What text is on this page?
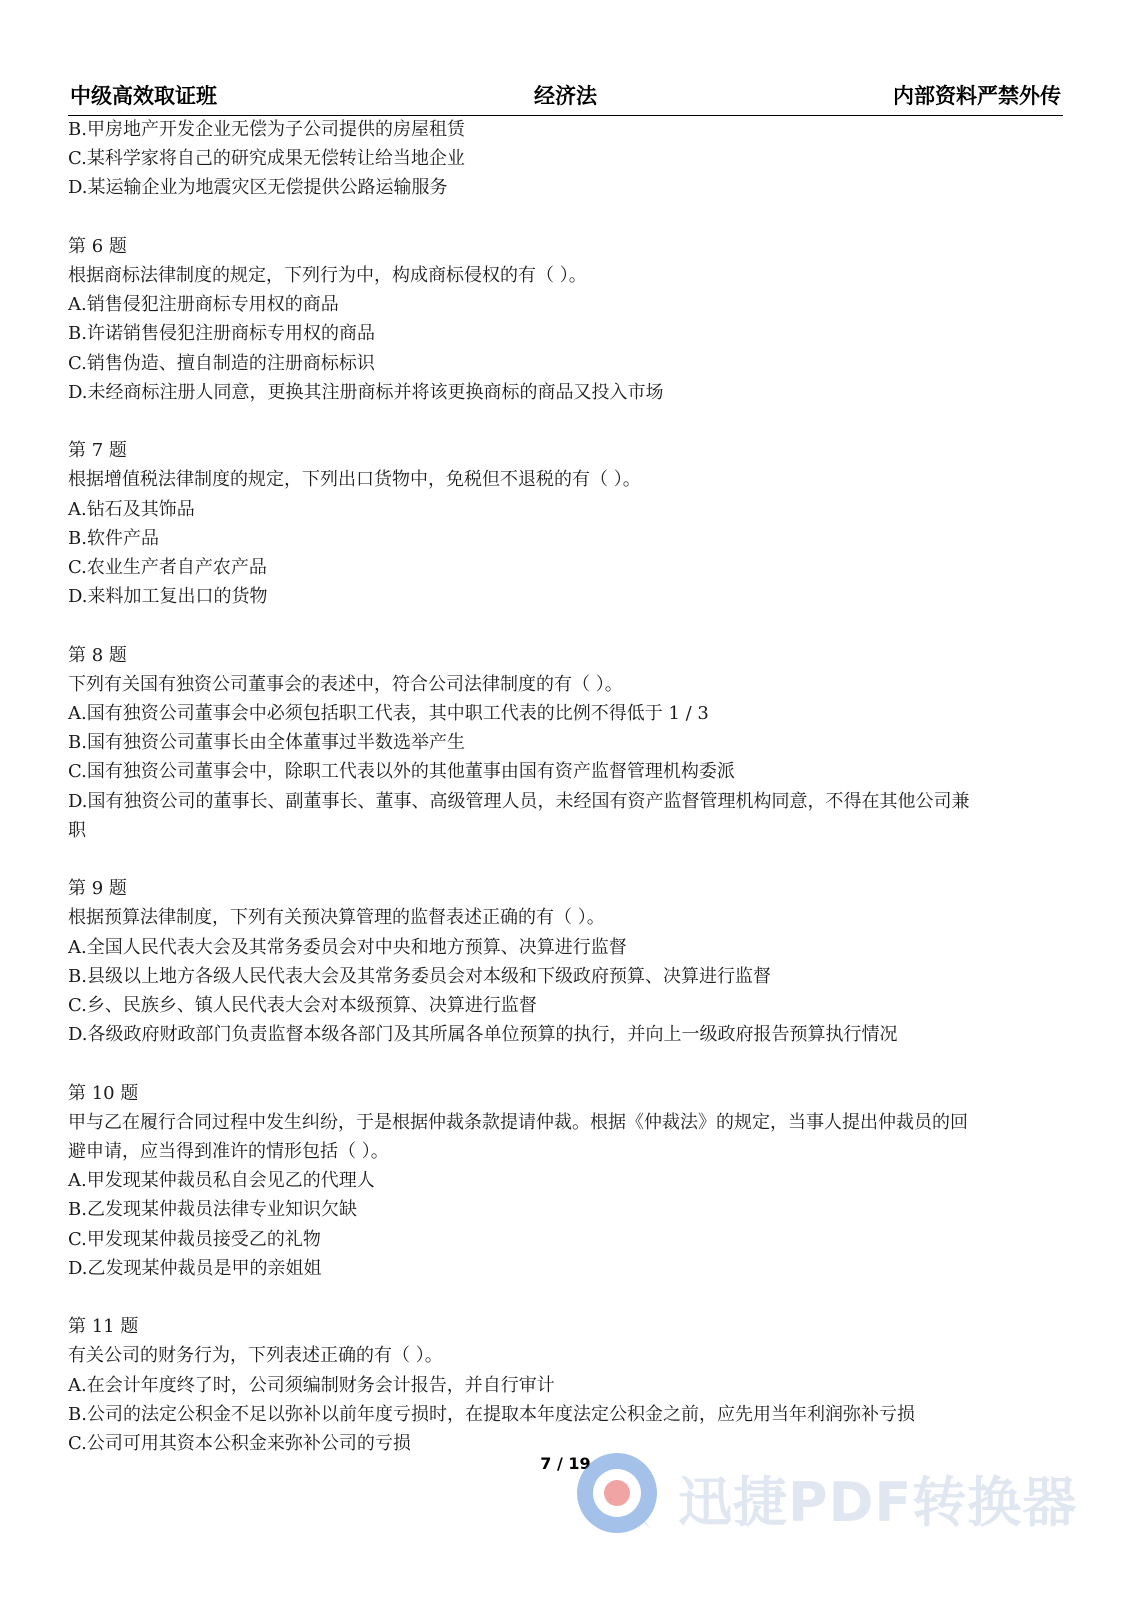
中级高效取证班	经济法	内部资料严禁外传
B.甲房地产开发企业无偿为子公司提供的房屋租赁
C.某科学家将自己的研究成果无偿转让给当地企业
D.某运输企业为地震灾区无偿提供公路运输服务
第 6 题
根据商标法律制度的规定，下列行为中，构成商标侵权的有（ ）。
A.销售侵犯注册商标专用权的商品
B.许诺销售侵犯注册商标专用权的商品
C.销售伪造、擅自制造的注册商标标识
D.未经商标注册人同意，更换其注册商标并将该更换商标的商品又投入市场
第 7 题
根据增值税法律制度的规定，下列出口货物中，免税但不退税的有（ ）。
A.钻石及其饰品
B.软件产品
C.农业生产者自产农产品
D.来料加工复出口的货物
第 8 题
下列有关国有独资公司董事会的表述中，符合公司法律制度的有（ ）。
A.国有独资公司董事会中必须包括职工代表，其中职工代表的比例不得低于 1 / 3
B.国有独资公司董事长由全体董事过半数选举产生
C.国有独资公司董事会中，除职工代表以外的其他董事由国有资产监督管理机构委派
D.国有独资公司的董事长、副董事长、董事、高级管理人员，未经国有资产监督管理机构同意，不得在其他公司兼
职
第 9 题
根据预算法律制度，下列有关预决算管理的监督表述正确的有（ ）。
A.全国人民代表大会及其常务委员会对中央和地方预算、决算进行监督
B.县级以上地方各级人民代表大会及其常务委员会对本级和下级政府预算、决算进行监督
C.乡、民族乡、镇人民代表大会对本级预算、决算进行监督
D.各级政府财政部门负责监督本级各部门及其所属各单位预算的执行，并向上一级政府报告预算执行情况
第 10 题
甲与乙在履行合同过程中发生纠纷，于是根据仲裁条款提请仲裁。根据《仲裁法》的规定，当事人提出仲裁员的回
避申请，应当得到准许的情形包括（ ）。
A.甲发现某仲裁员私自会见乙的代理人
B.乙发现某仲裁员法律专业知识欠缺
C.甲发现某仲裁员接受乙的礼物
D.乙发现某仲裁员是甲的亲姐姐
第 11 题
有关公司的财务行为，下列表述正确的有（ ）。
A.在会计年度终了时，公司须编制财务会计报告，并自行审计
B.公司的法定公积金不足以弥补以前年度亏损时，在提取本年度法定公积金之前，应先用当年利润弥补亏损
C.公司可用其资本公积金来弥补公司的亏损
7 / 19
迅捷PDF转换器
